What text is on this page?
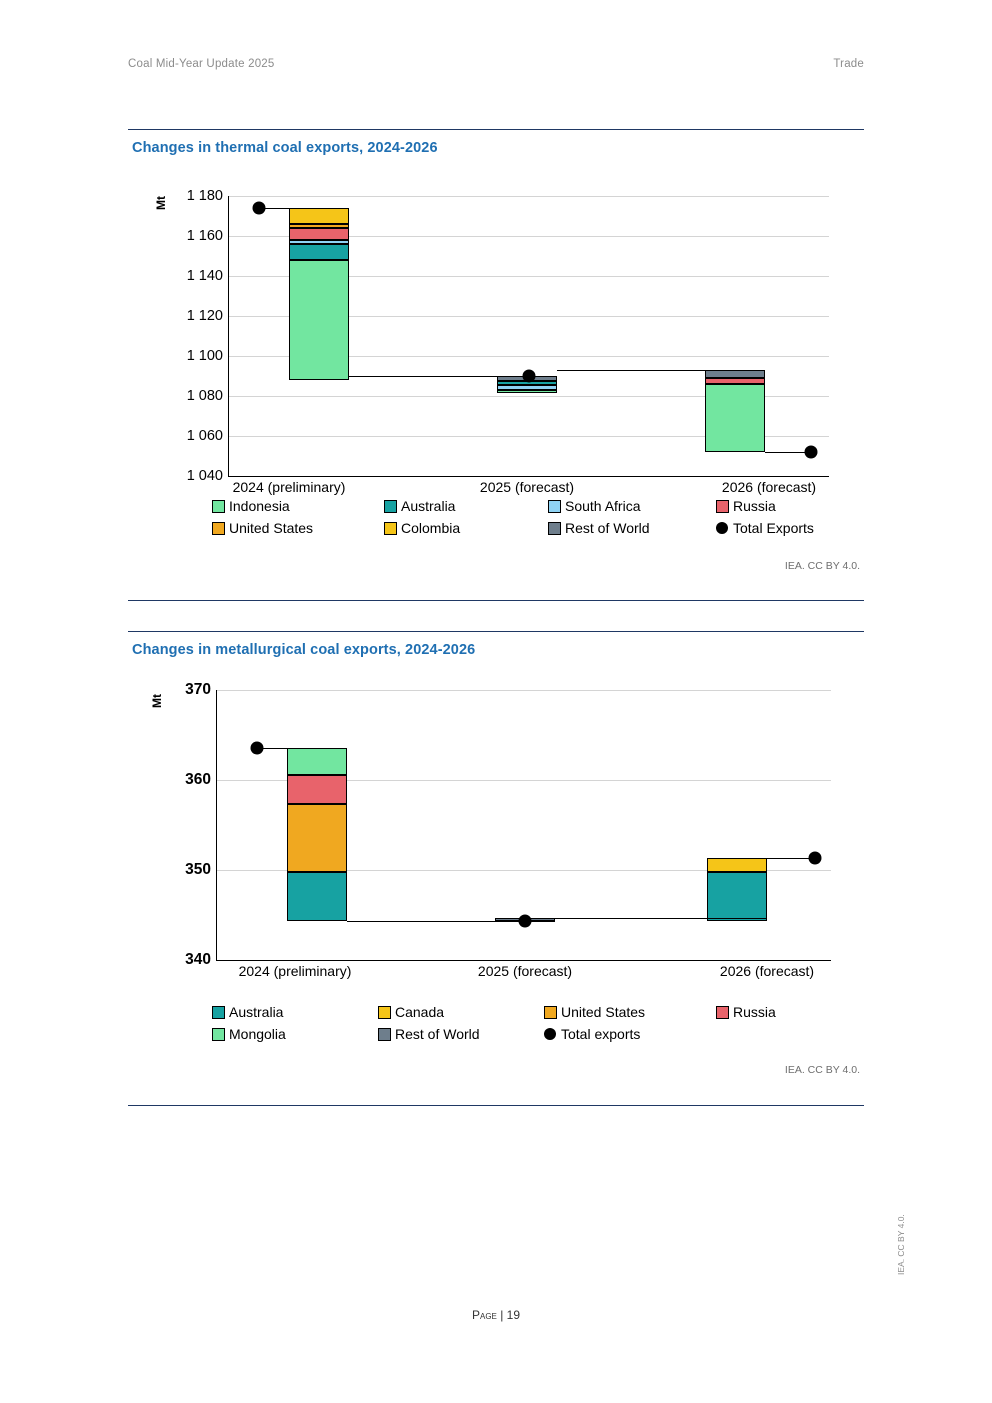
Coal Mid-Year Update 2025	Trade
Changes in thermal coal exports, 2024-2026
Mt 1 180
1 160
1 140
1 120
1 100
1 080
1 060
1 040
2024 (preliminary)	2025 (forecast)	2026 (forecast)
Indonesia	Australia	South Africa	Russia
United States	Colombia	Rest of World	Total Exports
IEA. CC BY 4.0.
Changes in metallurgical coal exports, 2024-2026
Mt
370
360
350
340
2024 (preliminary)	2025 (forecast)	2026 (forecast)
Australia	Canada	United States	Russia
Mongolia	Rest of World	Total exports
IEA. CC BY 4.0.
Page | 19
IEA. CC BY 4.0.
